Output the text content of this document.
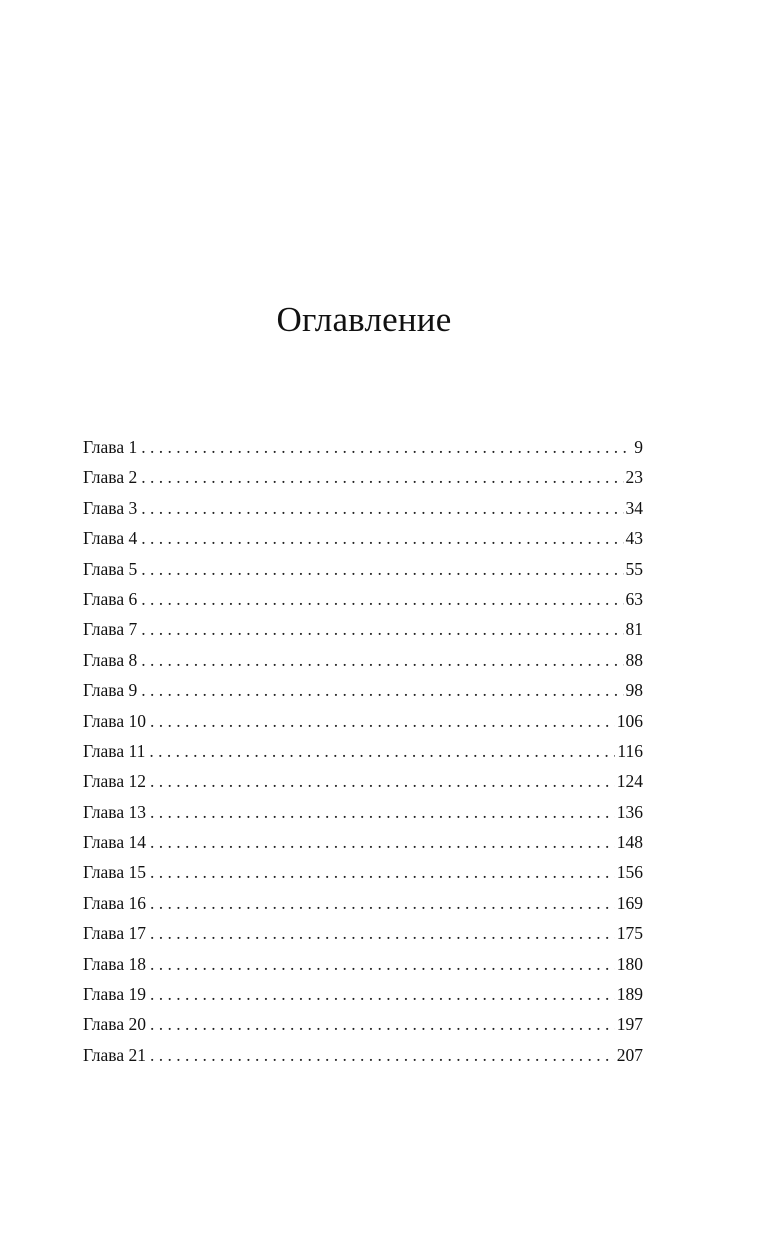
Оглавление
Глава 1 . . .	9
Глава 2 . . .	23
Глава 3 . . .	34
Глава 4 . . .	43
Глава 5 . . .	55
Глава 6 . . .	63
Глава 7 . . .	81
Глава 8 . . .	88
Глава 9 . . .	98
Глава 10 . . .	106
Глава 11 . . .	116
Глава 12 . . .	124
Глава 13 . . .	136
Глава 14 . . .	148
Глава 15 . . .	156
Глава 16 . . .	169
Глава 17 . . .	175
Глава 18 . . .	180
Глава 19 . . .	189
Глава 20 . . .	197
Глава 21 . . .	207
